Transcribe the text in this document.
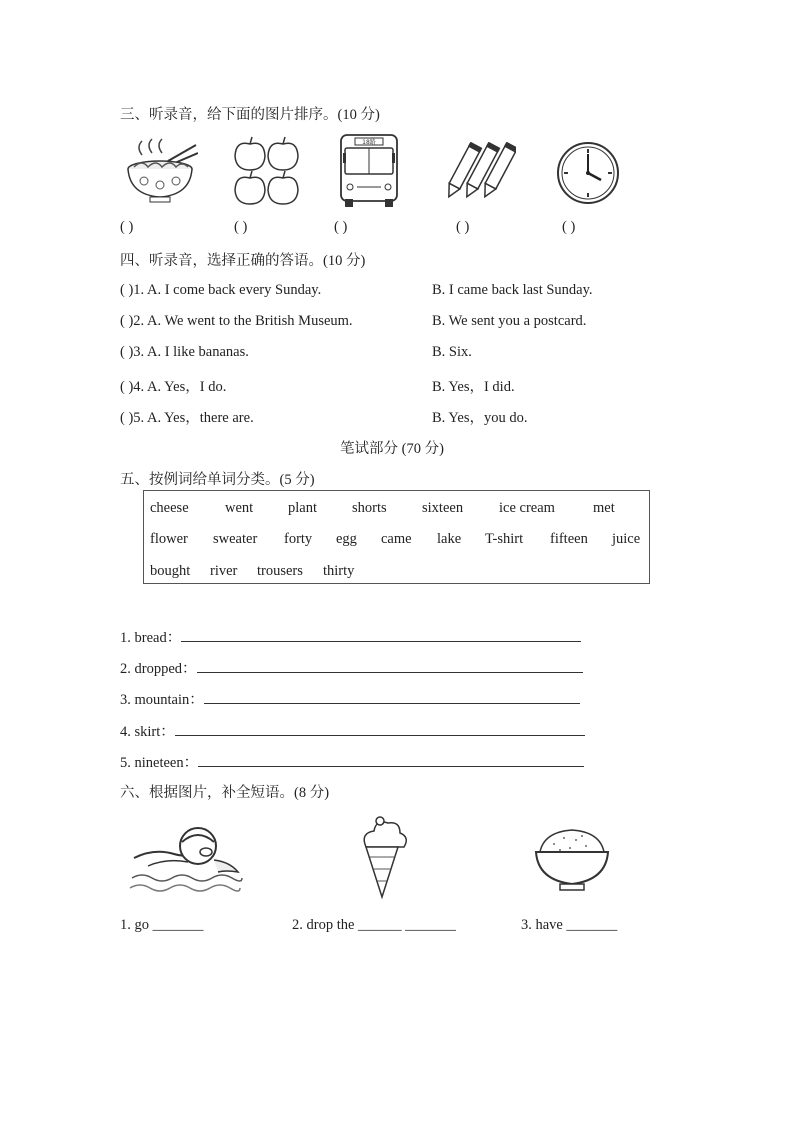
三、听录音，给下面的图片排序。(10 分)
18路
( )	( )	( )	( )	( )
四、听录音，选择正确的答语。(10 分)
( )1. A. I come back every Sunday.	B. I came back last Sunday.
( )2. A. We went to the British Museum.	B. We sent you a postcard.
( )3. A. I like bananas.	B. Six.
( )4. A. Yes，I do.	B. Yes，I did.
( )5. A. Yes，there are.	B. Yes，you do.
笔试部分 (70 分)
五、按例词给单词分类。(5 分)
cheese	went plant shorts sixteen ice cream	met
flower sweater forty egg came lake T-shirt fifteen juice
bought river trousers thirty
1. bread：
2. dropped：
3. mountain：
4. skirt：
5. nineteen：
六、根据图片，补全短语。(8 分)
1. go _______	2. drop the ______ _______	3. have _______
